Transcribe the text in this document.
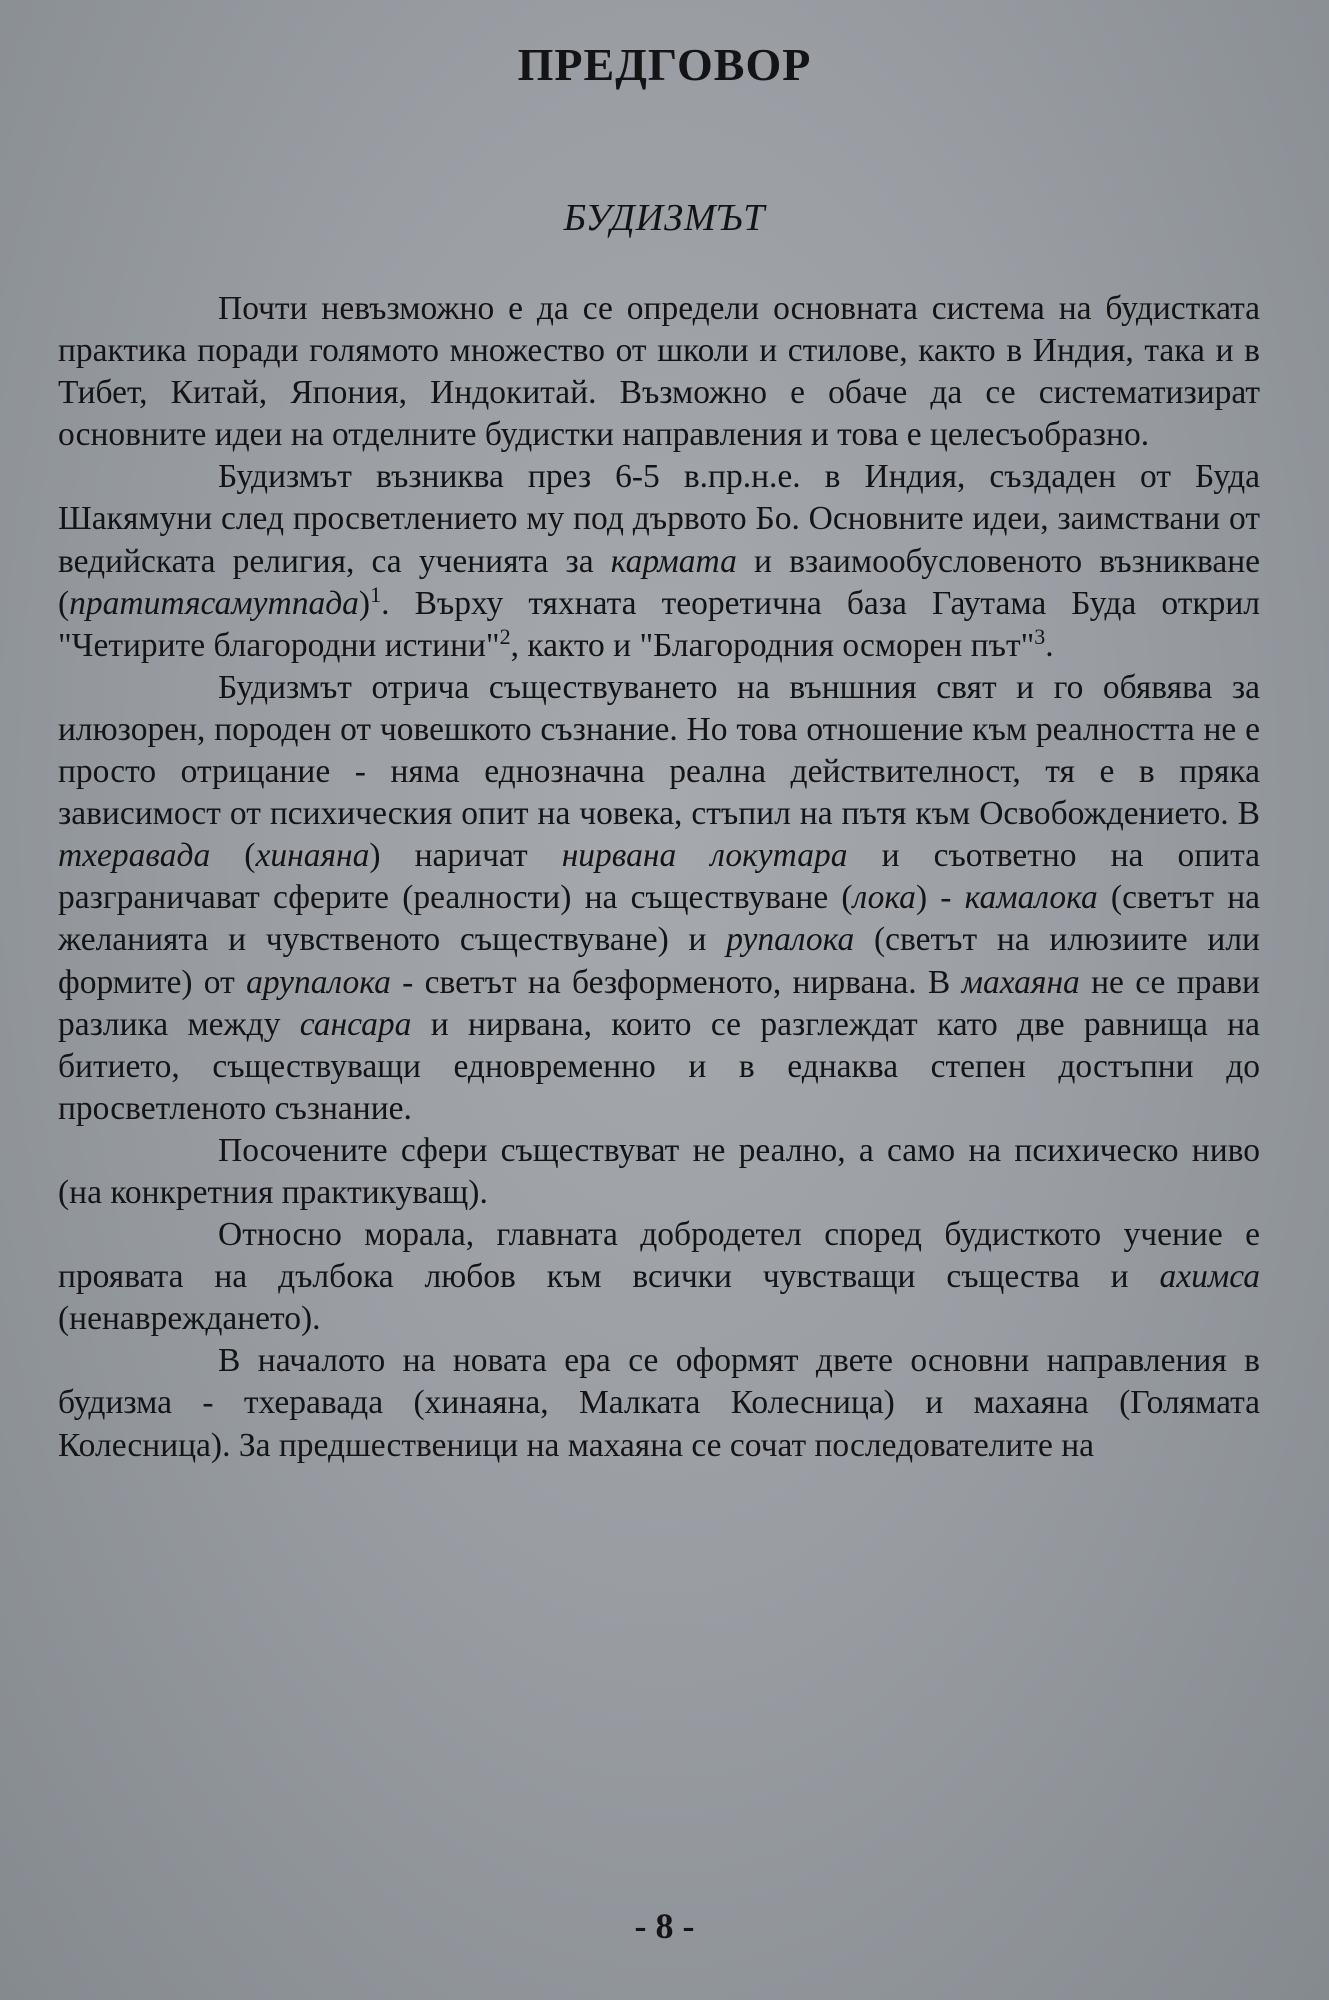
ПРЕДГОВОР
БУДИЗМЪТ

Почти невъзможно е да се определи основната система на будистката практика поради голямото множество от школи и стилове, както в Индия, така и в Тибет, Китай, Япония, Индокитай. Възможно е обаче да се систематизират основните идеи на отделните будистки направления и това е целесъобразно.

Будизмът възниква през 6-5 в.пр.н.е. в Индия, създаден от Буда Шакямуни след просветлението му под дървото Бо. Основните идеи, заимствани от ведийската религия, са ученията за кармата и взаимообусловеното възникване (пратитясамутпада)$^1$. Върху тяхната теоретична база Гаутама Буда открил "Четирите благородни истини"$^2$, както и "Благородния осморен път"$^3$.

Будизмът отрича съществуването на външния свят и го обявява за илюзорен, породен от човешкото съзнание. Но това отношение към реалността не е просто отрицание - няма еднозначна реална действителност, тя е в пряка зависимост от психическия опит на човека, стъпил на пътя към Освобождението. В тхеравада (хинаяна) наричат нирвана локутара и съответно на опита разграничават сферите (реалности) на съществуване (лока) - камалока (светът на желанията и чувственото съществуване) и рупалока (светът на илюзиите или формите) от арупалока - светът на безформеното, нирвана. В махаяна не се прави разлика между сансара и нирвана, които се разглеждат като две равнища на битието, съществуващи едновременно и в еднаква степен достъпни до просветленото съзнание.

Посочените сфери съществуват не реално, а само на психическо ниво (на конкретния практикуващ).

Относно морала, главната добродетел според будисткото учение е проявата на дълбока любов към всички чувстващи същества и ахимса (ненавреждането).

В началото на новата ера се оформят двете основни направления в будизма - тхеравада (хинаяна, Малката Колесница) и махаяна (Голямата Колесница). За предшественици на махаяна се сочат последователите на

- 8 -
